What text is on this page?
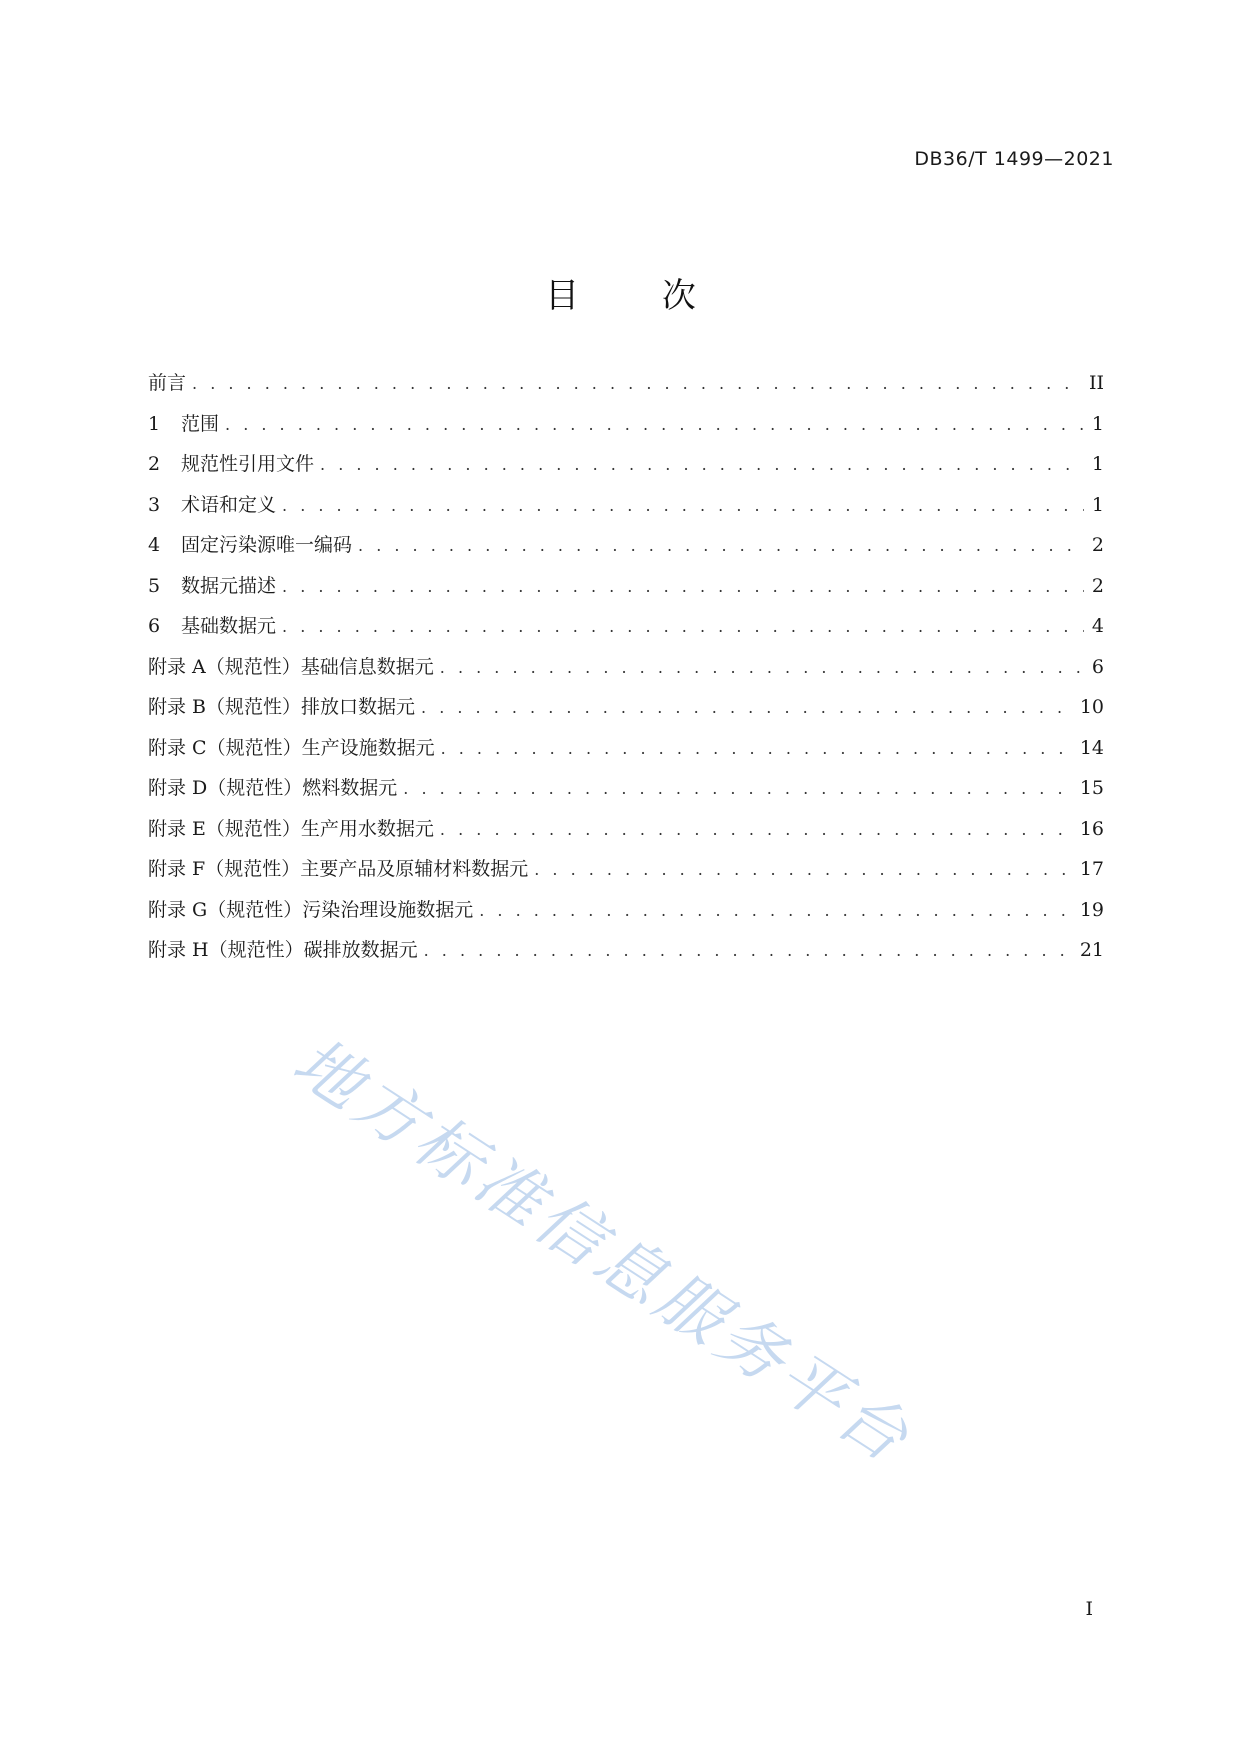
DB36/T 1499—2021
目 次
前言 . . .	II
1	范围 . . .	1
2	规范性引用文件 . . .	1
3	术语和定义 . . .	1
4	固定污染源唯一编码 . . .	2
5	数据元描述 . . .	2
6	基础数据元 . . .	4
附录 A（规范性）基础信息数据元 . . .	6
附录 B（规范性）排放口数据元 . . .	10
附录 C（规范性）生产设施数据元 . . .	14
附录 D（规范性）燃料数据元 . . .	15
附录 E（规范性）生产用水数据元 . . .	16
附录 F（规范性）主要产品及原辅材料数据元 . . .	17
附录 G（规范性）污染治理设施数据元 . . .	19
附录 H（规范性）碳排放数据元 . . .	21
地方标准信息服务平台
I
